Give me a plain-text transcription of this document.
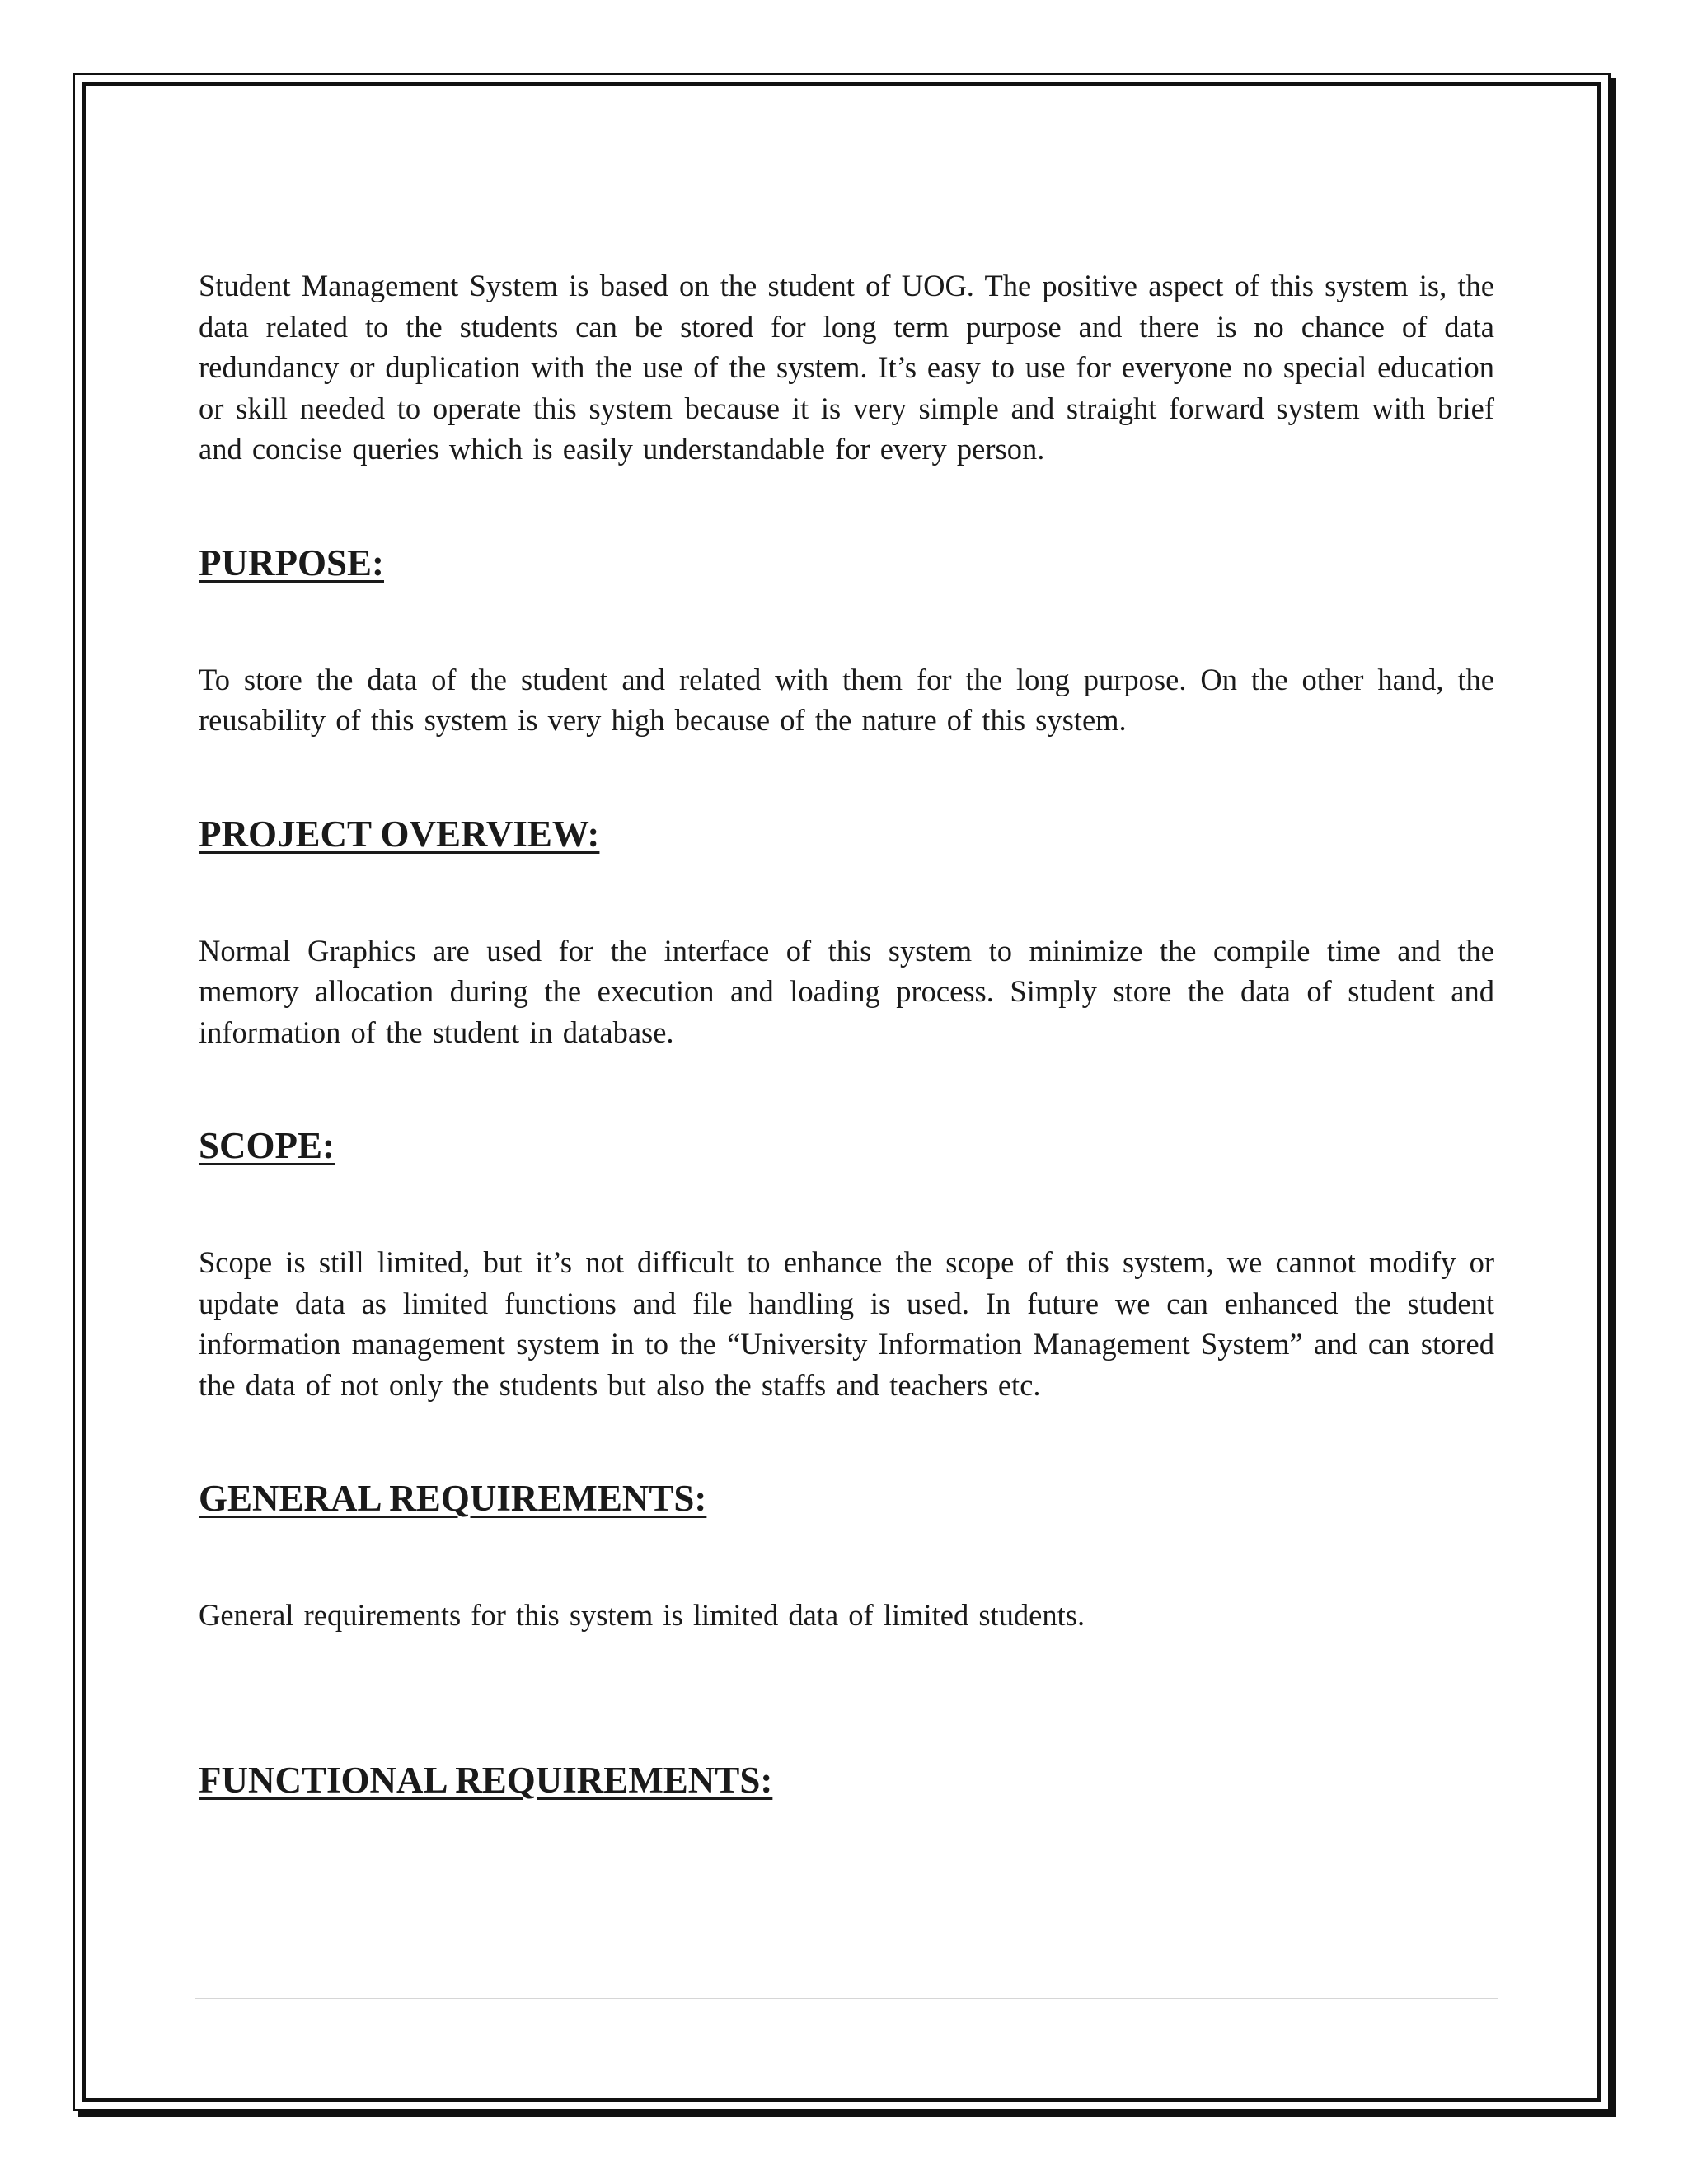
Student Management System is based on the student of UOG. The positive aspect of this system is, the data related to the students can be stored for long term purpose and there is no chance of data redundancy or duplication with the use of the system. It’s easy to use for everyone no special education or skill needed to operate this system because it is very simple and straight forward system with brief and concise queries which is easily understandable for every person.

PURPOSE:

To store the data of the student and related with them for the long purpose. On the other hand, the reusability of this system is very high because of the nature of this system.

PROJECT OVERVIEW:

Normal Graphics are used for the interface of this system to minimize the compile time and the memory allocation during the execution and loading process. Simply store the data of student and information of the student in database.

SCOPE:

Scope is still limited, but it’s not difficult to enhance the scope of this system, we cannot modify or update data as limited functions and file handling is used. In future we can enhanced the student information management system in to the “University Information Management System” and can stored the data of not only the students but also the staffs and teachers etc.

GENERAL REQUIREMENTS:

General requirements for this system is limited data of limited students.

FUNCTIONAL REQUIREMENTS:
